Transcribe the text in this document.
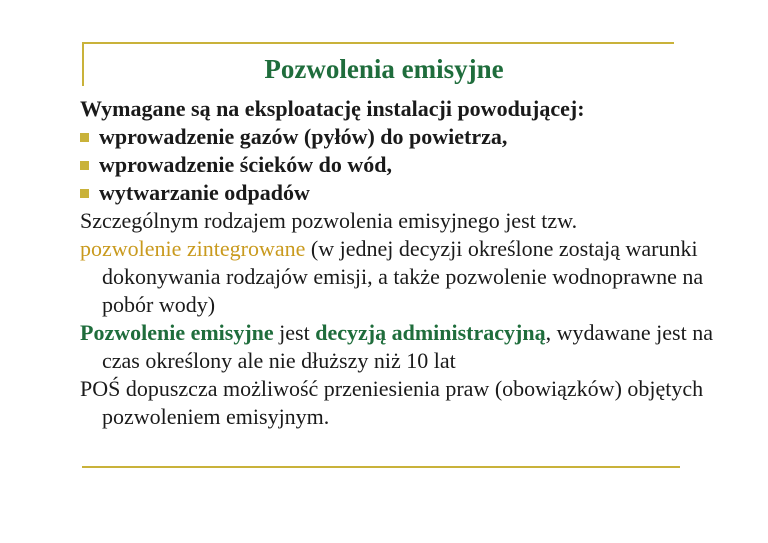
Pozwolenia emisyjne

Wymagane są na eksploatację instalacji powodującej:

wprowadzenie gazów (pyłów) do powietrza,
wprowadzenie ścieków do wód,
wytwarzanie odpadów

Szczególnym rodzajem pozwolenia emisyjnego jest tzw.

pozwolenie zintegrowane (w jednej decyzji określone zostają warunki dokonywania rodzajów emisji, a także pozwolenie wodnoprawne na pobór wody)

Pozwolenie emisyjne jest decyzją administracyjną, wydawane jest na czas określony ale nie dłuższy niż 10 lat

POŚ dopuszcza możliwość przeniesienia praw (obowiązków) objętych pozwoleniem emisyjnym.
